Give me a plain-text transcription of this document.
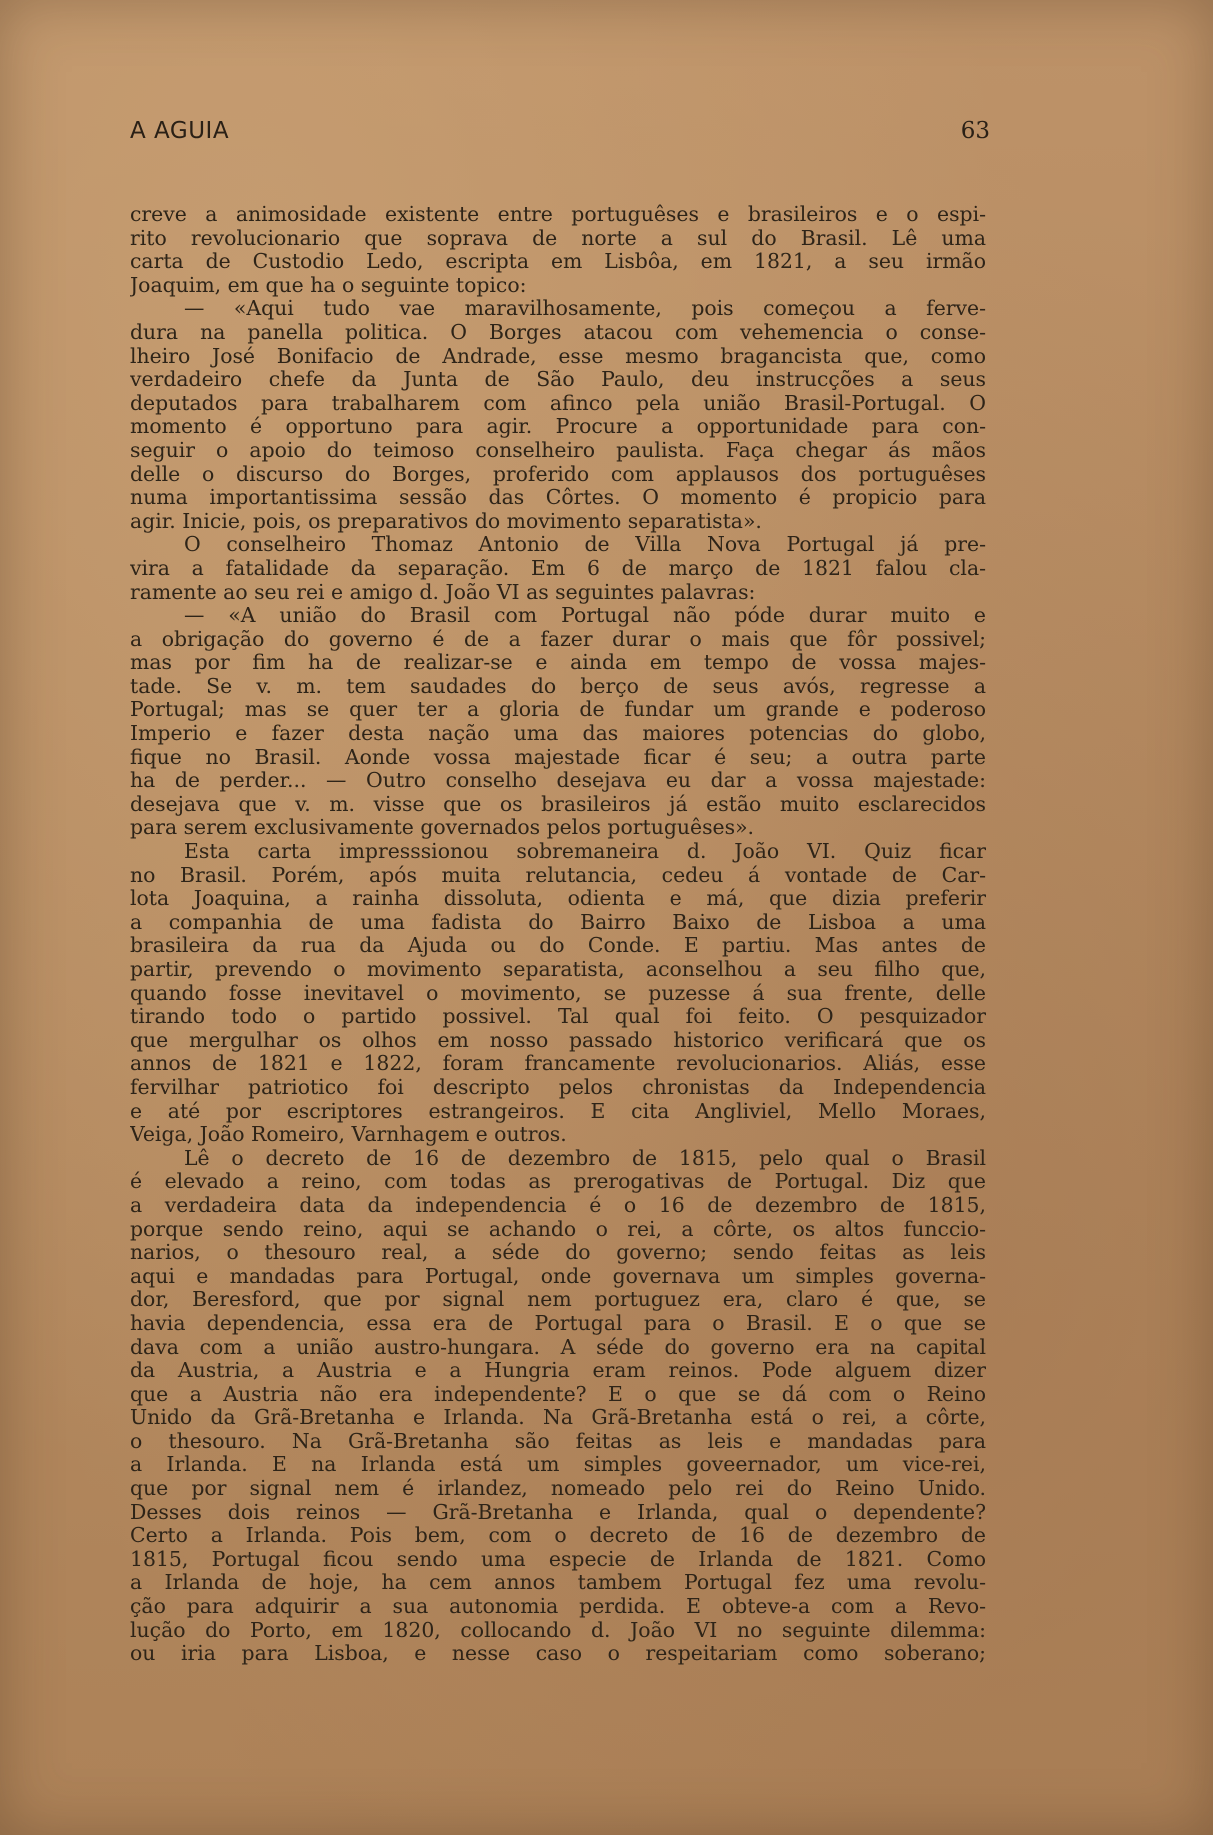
A AGUIA	63
creve a animosidade existente entre portuguêses e brasileiros e o espi-
rito revolucionario que soprava de norte a sul do Brasil. Lê uma
carta de Custodio Ledo, escripta em Lisbôa, em 1821, a seu irmão
Joaquim, em que ha o seguinte topico:
— «Aqui tudo vae maravilhosamente, pois começou a ferve-
dura na panella politica. O Borges atacou com vehemencia o conse-
lheiro José Bonifacio de Andrade, esse mesmo bragancista que, como
verdadeiro chefe da Junta de São Paulo, deu instrucções a seus
deputados para trabalharem com afinco pela união Brasil-Portugal. O
momento é opportuno para agir. Procure a opportunidade para con-
seguir o apoio do teimoso conselheiro paulista. Faça chegar ás mãos
delle o discurso do Borges, proferido com applausos dos portuguêses
numa importantissima sessão das Côrtes. O momento é propicio para
agir. Inicie, pois, os preparativos do movimento separatista».
O conselheiro Thomaz Antonio de Villa Nova Portugal já pre-
vira a fatalidade da separação. Em 6 de março de 1821 falou cla-
ramente ao seu rei e amigo d. João VI as seguintes palavras:
— «A união do Brasil com Portugal não póde durar muito e
a obrigação do governo é de a fazer durar o mais que fôr possivel;
mas por fim ha de realizar-se e ainda em tempo de vossa majes-
tade. Se v. m. tem saudades do berço de seus avós, regresse a
Portugal; mas se quer ter a gloria de fundar um grande e poderoso
Imperio e fazer desta nação uma das maiores potencias do globo,
fique no Brasil. Aonde vossa majestade ficar é seu; a outra parte
ha de perder... — Outro conselho desejava eu dar a vossa majestade:
desejava que v. m. visse que os brasileiros já estão muito esclarecidos
para serem exclusivamente governados pelos portuguêses».
Esta carta impresssionou sobremaneira d. João VI. Quiz ficar
no Brasil. Porém, após muita relutancia, cedeu á vontade de Car-
lota Joaquina, a rainha dissoluta, odienta e má, que dizia preferir
a companhia de uma fadista do Bairro Baixo de Lisboa a uma
brasileira da rua da Ajuda ou do Conde. E partiu. Mas antes de
partir, prevendo o movimento separatista, aconselhou a seu filho que,
quando fosse inevitavel o movimento, se puzesse á sua frente, delle
tirando todo o partido possivel. Tal qual foi feito. O pesquizador
que mergulhar os olhos em nosso passado historico verificará que os
annos de 1821 e 1822, foram francamente revolucionarios. Aliás, esse
fervilhar patriotico foi descripto pelos chronistas da Independencia
e até por escriptores estrangeiros. E cita Angliviel, Mello Moraes,
Veiga, João Romeiro, Varnhagem e outros.
Lê o decreto de 16 de dezembro de 1815, pelo qual o Brasil
é elevado a reino, com todas as prerogativas de Portugal. Diz que
a verdadeira data da independencia é o 16 de dezembro de 1815,
porque sendo reino, aqui se achando o rei, a côrte, os altos funccio-
narios, o thesouro real, a séde do governo; sendo feitas as leis
aqui e mandadas para Portugal, onde governava um simples governa-
dor, Beresford, que por signal nem portuguez era, claro é que, se
havia dependencia, essa era de Portugal para o Brasil. E o que se
dava com a união austro-hungara. A séde do governo era na capital
da Austria, a Austria e a Hungria eram reinos. Pode alguem dizer
que a Austria não era independente? E o que se dá com o Reino
Unido da Grã-Bretanha e Irlanda. Na Grã-Bretanha está o rei, a côrte,
o thesouro. Na Grã-Bretanha são feitas as leis e mandadas para
a Irlanda. E na Irlanda está um simples goveernador, um vice-rei,
que por signal nem é irlandez, nomeado pelo rei do Reino Unido.
Desses dois reinos — Grã-Bretanha e Irlanda, qual o dependente?
Certo a Irlanda. Pois bem, com o decreto de 16 de dezembro de
1815, Portugal ficou sendo uma especie de Irlanda de 1821. Como
a Irlanda de hoje, ha cem annos tambem Portugal fez uma revolu-
ção para adquirir a sua autonomia perdida. E obteve-a com a Revo-
lução do Porto, em 1820, collocando d. João VI no seguinte dilemma:
ou iria para Lisboa, e nesse caso o respeitariam como soberano;
